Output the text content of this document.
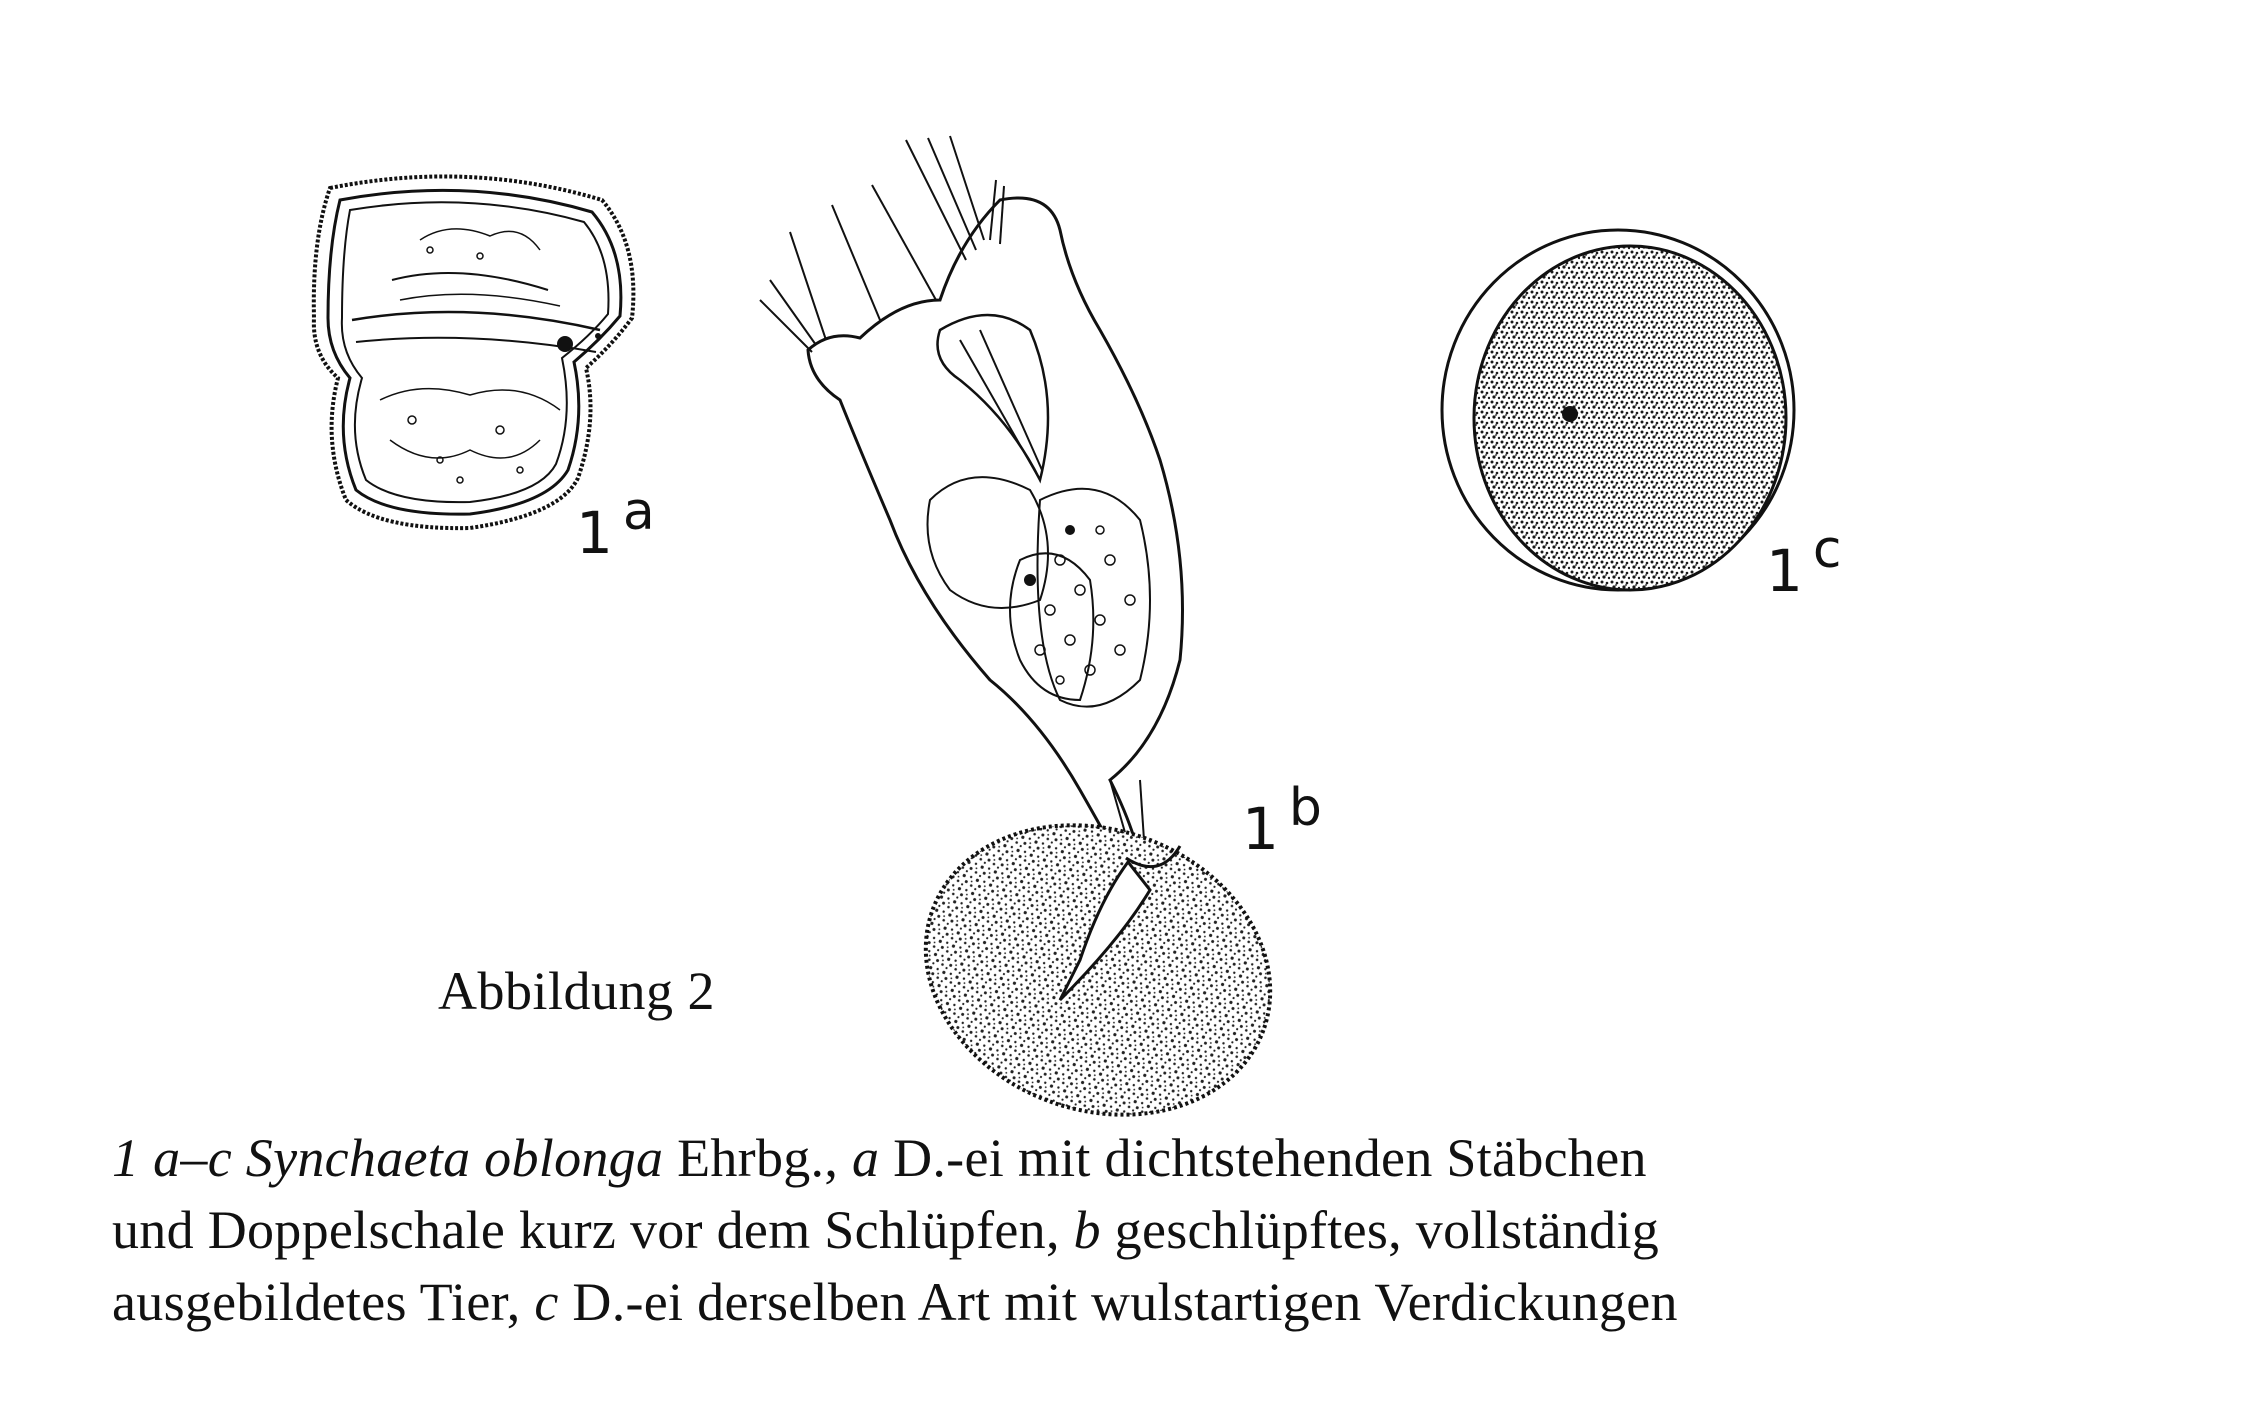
1 a
1 b
1 c
Abbildung 2
1 a–c Synchaeta oblonga Ehrbg., a D.-ei mit dichtstehenden Stäbchen
und Doppelschale kurz vor dem Schlüpfen, b geschlüpftes, vollständig
ausgebildetes Tier, c D.-ei derselben Art mit wulstartigen Verdickungen
